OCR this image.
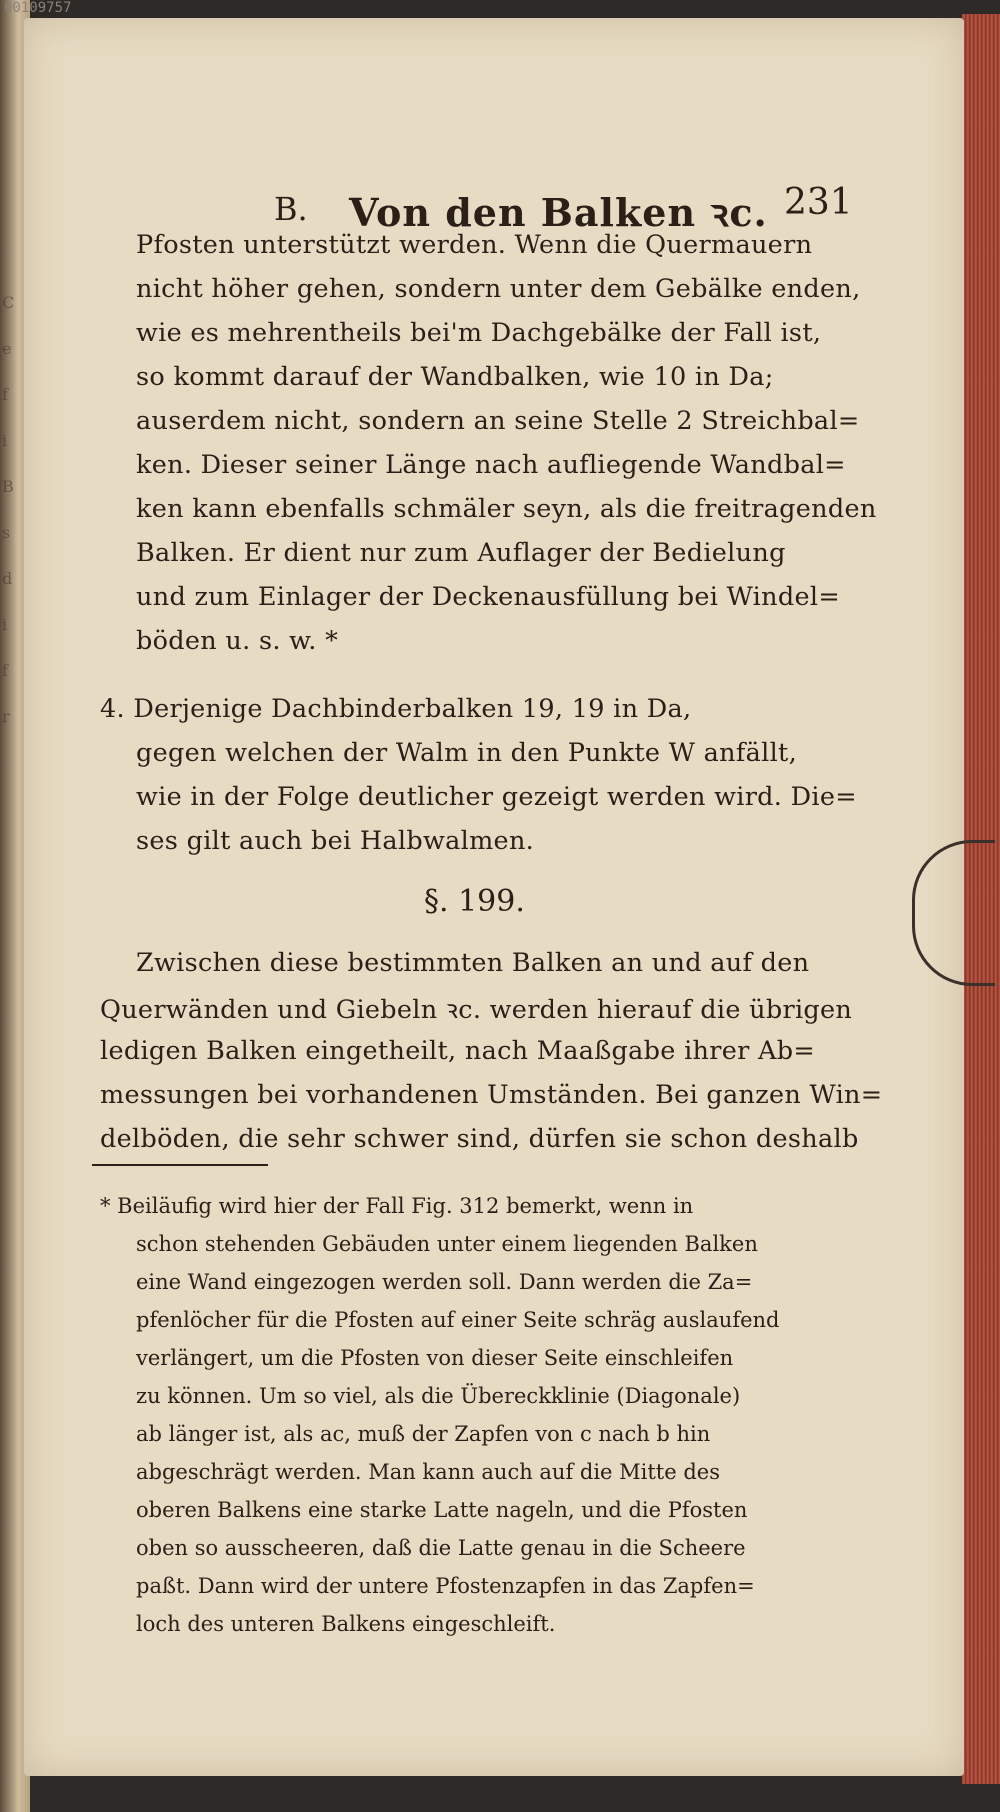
C
e
f
i
B
s
d
i
f
r
00109757
B. Von den Balken ꝛc. 231
Pfosten unterstützt werden. Wenn die Quermauern
nicht höher gehen, sondern unter dem Gebälke enden,
wie es mehrentheils bei'm Dachgebälke der Fall ist,
so kommt darauf der Wandbalken, wie 10 in Da;
auserdem nicht, sondern an seine Stelle 2 Streichbal=
ken. Dieser seiner Länge nach aufliegende Wandbal=
ken kann ebenfalls schmäler seyn, als die freitragenden
Balken. Er dient nur zum Auflager der Bedielung
und zum Einlager der Deckenausfüllung bei Windel=
böden u. s. w. *
4. Derjenige Dachbinderbalken 19, 19 in Da,
gegen welchen der Walm in den Punkte W anfällt,
wie in der Folge deutlicher gezeigt werden wird. Die=
ses gilt auch bei Halbwalmen.
§. 199.
Zwischen diese bestimmten Balken an und auf den
Querwänden und Giebeln ꝛc. werden hierauf die übrigen
ledigen Balken eingetheilt, nach Maaßgabe ihrer Ab=
messungen bei vorhandenen Umständen. Bei ganzen Win=
delböden, die sehr schwer sind, dürfen sie schon deshalb
* Beiläufig wird hier der Fall Fig. 312 bemerkt, wenn in
schon stehenden Gebäuden unter einem liegenden Balken
eine Wand eingezogen werden soll. Dann werden die Za=
pfenlöcher für die Pfosten auf einer Seite schräg auslaufend
verlängert, um die Pfosten von dieser Seite einschleifen
zu können. Um so viel, als die Übereckklinie (Diagonale)
ab länger ist, als ac, muß der Zapfen von c nach b hin
abgeschrägt werden. Man kann auch auf die Mitte des
oberen Balkens eine starke Latte nageln, und die Pfosten
oben so ausscheeren, daß die Latte genau in die Scheere
paßt. Dann wird der untere Pfostenzapfen in das Zapfen=
loch des unteren Balkens eingeschleift.
